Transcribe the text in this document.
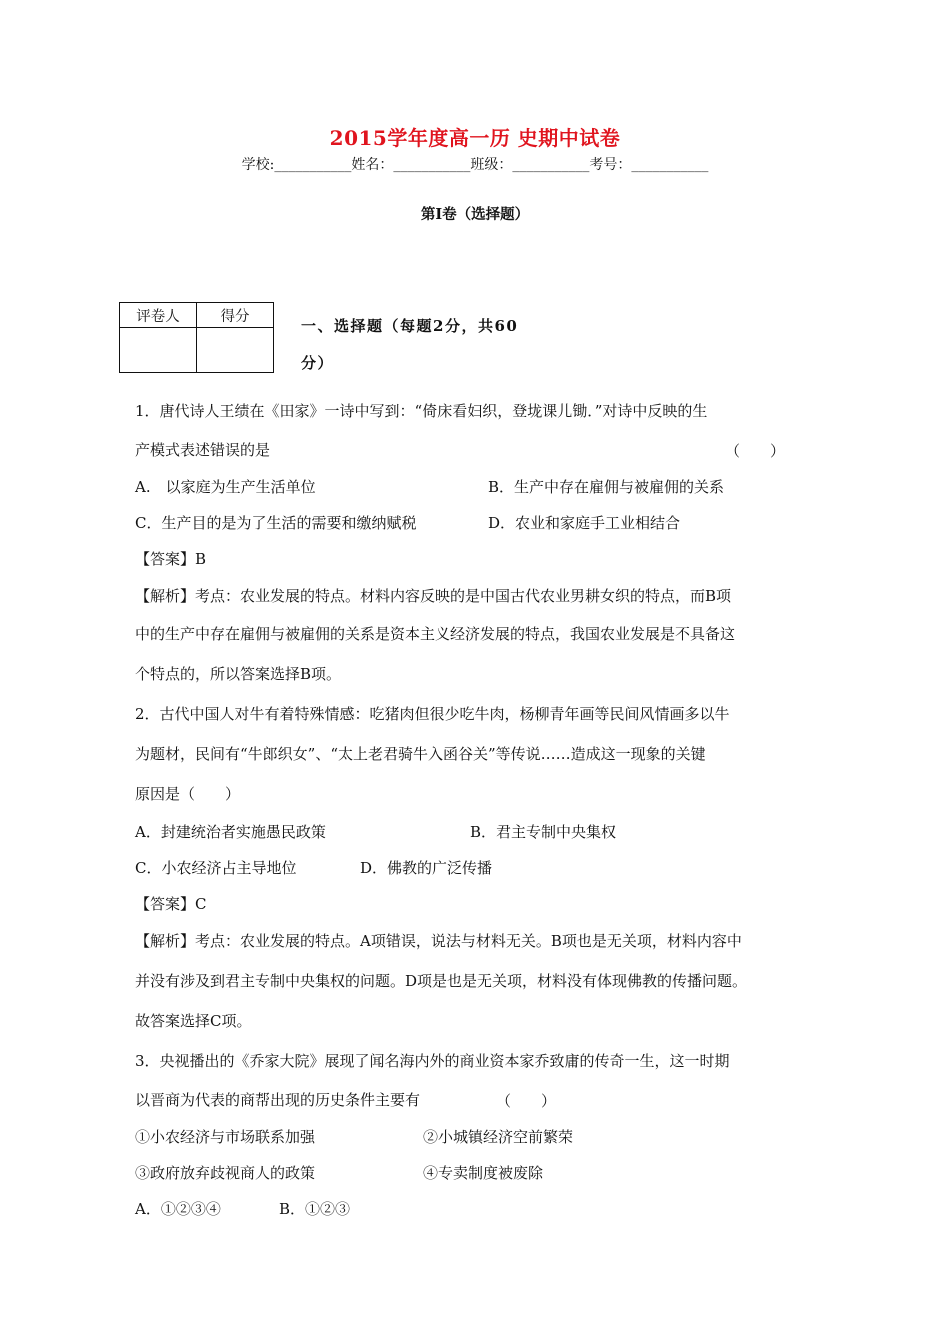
2015学年度高一历 史期中试卷
学校:___________姓名：___________班级：___________考号：___________
第I卷（选择题）
评卷人	得分

一、选择题（每题2分，共60
分）
1．唐代诗人王绩在《田家》一诗中写到：“倚床看妇织，登垅课儿锄．”对诗中反映的生
产模式表述错误的是	（　　）
A.　以家庭为生产生活单位	B．生产中存在雇佣与被雇佣的关系
C．生产目的是为了生活的需要和缴纳赋税	D．农业和家庭手工业相结合
【答案】B
【解析】考点：农业发展的特点。材料内容反映的是中国古代农业男耕女织的特点，而B项
中的生产中存在雇佣与被雇佣的关系是资本主义经济发展的特点，我国农业发展是不具备这
个特点的，所以答案选择B项。
2．古代中国人对牛有着特殊情感：吃猪肉但很少吃牛肉，杨柳青年画等民间风情画多以牛
为题材，民间有“牛郎织女”、“太上老君骑牛入函谷关”等传说……造成这一现象的关键
原因是（　　）
A．封建统治者实施愚民政策	B．君主专制中央集权
C．小农经济占主导地位	D．佛教的广泛传播
【答案】C
【解析】考点：农业发展的特点。A项错误，说法与材料无关。B项也是无关项，材料内容中
并没有涉及到君主专制中央集权的问题。D项是也是无关项，材料没有体现佛教的传播问题。
故答案选择C项。
3．央视播出的《乔家大院》展现了闻名海内外的商业资本家乔致庸的传奇一生，这一时期
以晋商为代表的商帮出现的历史条件主要有	（　　）
①小农经济与市场联系加强	②小城镇经济空前繁荣
③政府放弃歧视商人的政策	④专卖制度被废除
A．①②③④	B．①②③
